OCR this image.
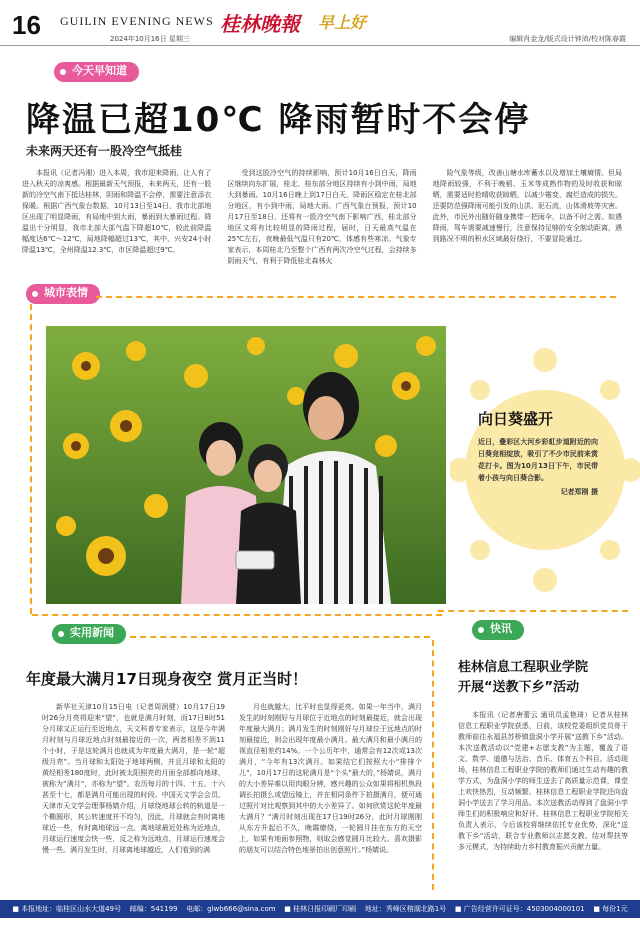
16 GUILIN EVENING NEWS
2024年10月16日 星期三
桂林晚報 早上好
编辑肖金龙/版式设计钟沛/校对陈春霞
今天早知道
降温已超10℃ 降雨暂时不会停
未来两天还有一股冷空气抵桂

本报讯（记者冯湘）进入本周，我市迎来降雨，让人有了进入秋天的凉爽感。根据最新天气预报，未来两天，还有一股新的冷空气南下抵达桂林，阴雨和降温不会停，需要注意添衣保暖。根据广西气象台数据，10月13日至14日，我市北部地区出现了明显降雨，有局地中到大雨，暴雨到大暴雨过程。降温出十分明显，我市北部大部气温下降超10℃，较此前降温幅度达6℃～12℃，局地降幅超过13℃，其中，兴安24小时降温13℃，全州降温12.3℃，市区降温超过9℃。

受到这股冷空气的持续影响，预计10月16日白天，降雨区继续向东扩展，桂北、桂东部分地区持续有小到中雨，局地大到暴雨。10月16日晚上到17日白天，降雨区稳定在桂北部分地区，有小到中雨，局地大雨。广西气象台预报，预计10月17日至18日，还将有一股冷空气南下影响广西，桂北部分地区又将有比较明显的降雨过程，届时，日天最高气温在25℃左右，夜晚最低气温只有20℃，体感有些寒凉。气象专家表示，本周桂北乃至整个广西有两次冷空气过程，会持续多阴雨天气，有利于降低桂北森林火

险气象等级，改善山塘水库蓄水以及增加土壤墒情。但局地降雨较强，不利于晚稻、玉米等成熟作物的及时收获和晾晒，需要适时抢晴收获晾晒，以减少霉变、腐烂造成的损失。还要防范强降雨可能引发的山洪、泥石流，山体滑坡等灾害。此外，市民外出随好随身携带一把雨伞，以备不时之需。如遇降雨，驾车需要减速慢行，注意保持足够的安全制动距离，遇到路况不明的积水区域最好绕行，不要冒险通过。

城市表情
向日葵盛开
近日，叠彩区大河乡彩虹步道附近的向日葵竞相绽放，吸引了不少市民前来赏花打卡。图为10月13日下午，市民带着小孩与向日葵合影。
记者郑刚 摄
实用新闻
年度最大满月17日现身夜空 赏月正当时！

新华社天津10月15日电（记者周润健）10月17日19时26分月亮将迎来“望”，也就是满月时刻，而17日8时51分月球又正运行至近地点，天文科普专家表示，这是今年满月时刻与月球近地点时刻最接近的一次，两者相差不到11个小时，于是这轮满月也就成为年度最大满月，是一轮“超级月亮”。当月球和太阳处于地球两侧，并且月球和太阳的黄经相差180度时，此时被太阳照亮的月面全部都向地球，被称为“满月”，亦称为“望”。农历每月的十四、十五、十六甚至十七，都是满月可能出现的时段。中国天文学会会员、天津市天文学会理事杨婧介绍，月球绕地球公转的轨道是一个椭圆形，其公转速度并不均匀，因此，月球就会有时离地球近一些，有时离地球远一点，离地球最近处称为近地点，月球运行速度会快一些，反之称为远地点，月球运行速度会慢一些。满月发生时，月球离地球越近，人们看到的满

月也就越大，比平时也显得更亮。如果一年当中，满月发生的时刻刚好与月球位于近地点的时刻最接近，就会出现年度最大满月；满月发生的时刻刚好与月球位于远地点的时刻最接近，则会出现年度最小满月。最大满月和最小满月的视直径相差约14%。一个公历年中，通常会有12次或13次满月，“今年有13次满月。如果结它们按照大小“排排个儿”，10月17日的这轮满月是“个头”最大的，”杨婧说，满月的大小差异难以用肉眼分辨，感兴趣的公众如果将相机焦段调长拍摄么或望远镜上，并在相同条件下拍摄满月，便可通过照片对比观察到其中的大小差异了。如何欣赏这轮年度最大满月？“满月时刻出现在17日19时26分，此时月球刚刚从东方升起后不久，晚霞缭绕，一轮圆月挂在东方的天空上，如果有地面参照物，则取会感觉圆月比较大。喜欢摄影的朋友可以结合特色地景拍出创意照片。”杨婧说。

快讯
桂林信息工程职业学院
开展“送教下乡”活动

本报讯（记者唐蕾云 通讯员孟艳琦）记者从桂林信息工程职业学院获悉，日前，该校党委组织党员骨干教师前往永福县苏桥镇盘洞小学开展“送教下乡”活动。本次送教活动以“党建+志愿支教”为主题，覆盖了语文、数学、道德与法治、音乐、体育五个科目。活动现场，桂林信息工程职业学院的教师们通过生动有趣的教学方式，为盘洞小学的师生送去了高质量示范课，课堂上欢快热烈，互动频繁。桂林信息工程职业学院还向盘洞小学送去了学习用品。本次送教活动得到了盘洞小学师生们的积极响应和好评。桂林信息工程职业学院相关负责人表示，今后该校将继续依托专业优势，深化“送教下乡”活动，联合专业教师以志愿支教、结对帮扶等多元模式，为持续助力乡村教育振兴贡献力量。

■ 本报地址：临桂区山水大道49号 邮编：541199 电邮：glwb666@sina.com ■ 桂林日报印刷厂印刷 地址：秀峰区榕湖北路1号 ■ 广告经营许可证号：4503004000101 ■ 每份1元
